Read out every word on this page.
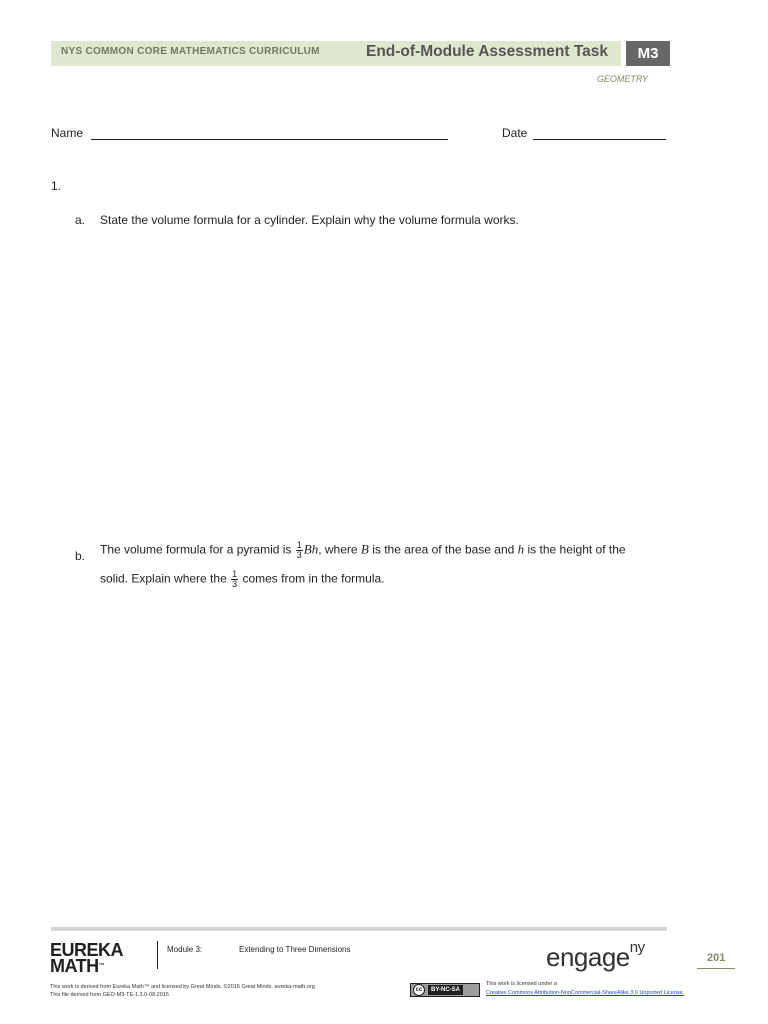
NYS COMMON CORE MATHEMATICS CURRICULUM	End-of-Module Assessment Task	M3
GEOMETRY
Name	Date
1.
a. State the volume formula for a cylinder. Explain why the volume formula works.
b. The volume formula for a pyramid is $\frac{1}{3} Bh$, where B is the area of the base and h is the height of the
solid. Explain where the $\frac{1}{3}$ comes from in the formula.
EUREKA
MATH™
Module 3:	Extending to Three Dimensions	engage$^{ny}$
201
This work is derived from Eureka Math™ and licensed by Great Minds. ©2015 Great Minds. eureka-math.org
This file derived from GEO-M3-TE-1.3.0-08.2015
cc	BY-NC-SA
This work is licensed under a
Creative Commons Attribution-NonCommercial-ShareAlike 3.0 Unported License.
